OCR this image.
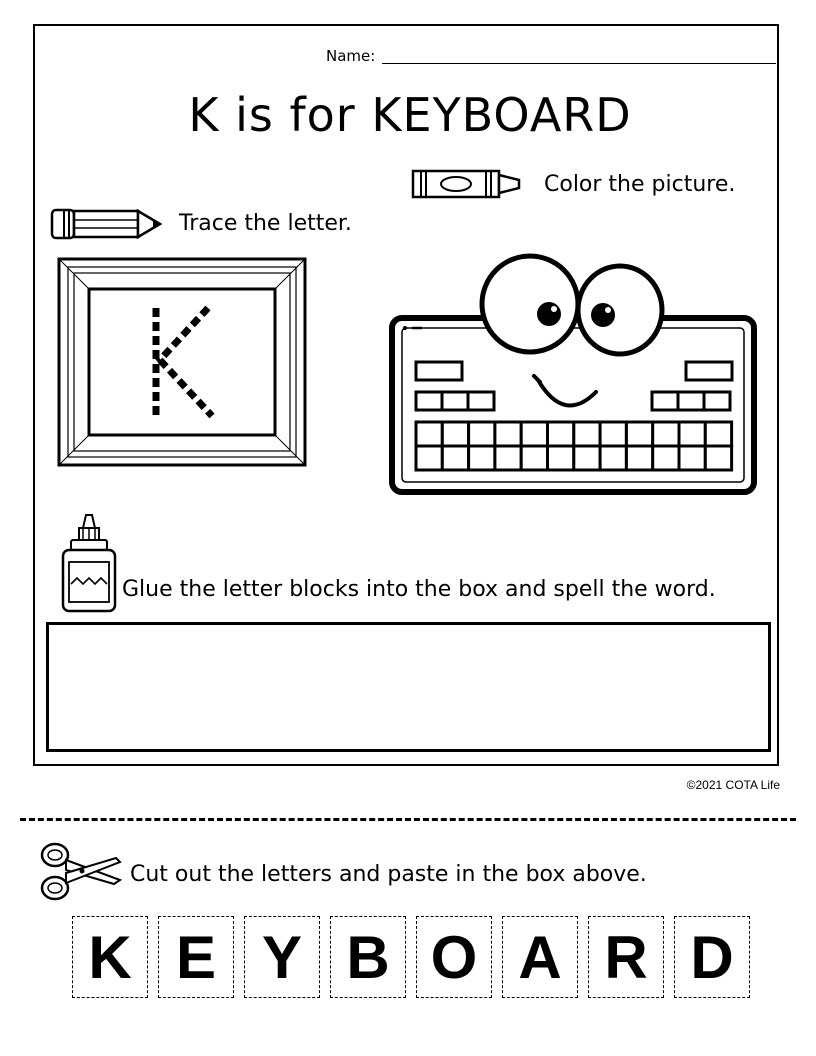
Name:
K is for KEYBOARD
Color the picture.
Trace the letter.
Glue the letter blocks into the box and spell the word.
©2021 COTA Life
Cut out the letters and paste in the box above.
K E Y B O A R D
